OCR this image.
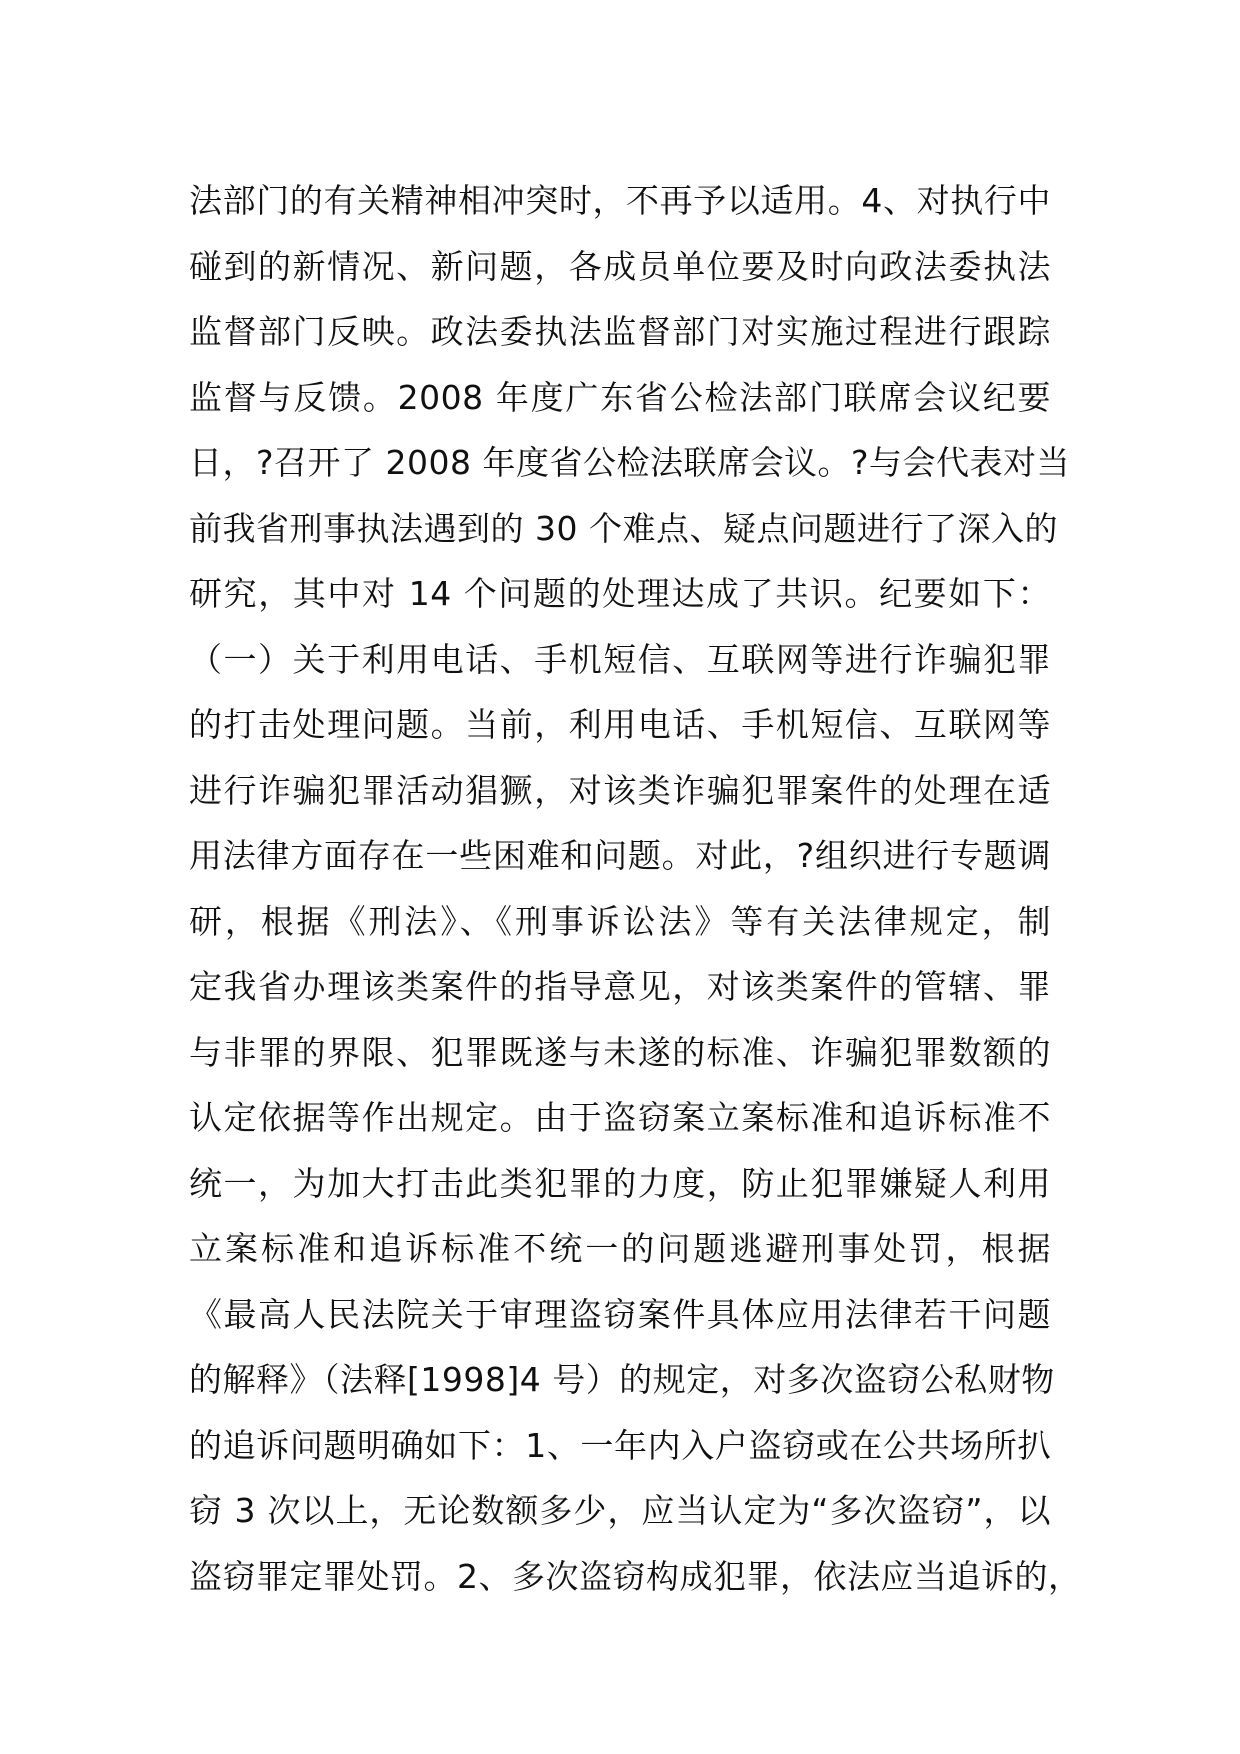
法部门的有关精神相冲突时，不再予以适用。4、对执行中
碰到的新情况、新问题，各成员单位要及时向政法委执法
监督部门反映。政法委执法监督部门对实施过程进行跟踪
监督与反馈。2008 年度广东省公检法部门联席会议纪要
日，?召开了 2008 年度省公检法联席会议。?与会代表对当
前我省刑事执法遇到的 30 个难点、疑点问题进行了深入的
研究，其中对 14 个问题的处理达成了共识。纪要如下：
（一）关于利用电话、手机短信、互联网等进行诈骗犯罪
的打击处理问题。当前，利用电话、手机短信、互联网等
进行诈骗犯罪活动猖獗，对该类诈骗犯罪案件的处理在适
用法律方面存在一些困难和问题。对此，?组织进行专题调
研，根据《刑法》、《刑事诉讼法》等有关法律规定，制
定我省办理该类案件的指导意见，对该类案件的管辖、罪
与非罪的界限、犯罪既遂与未遂的标准、诈骗犯罪数额的
认定依据等作出规定。由于盗窃案立案标准和追诉标准不
统一，为加大打击此类犯罪的力度，防止犯罪嫌疑人利用
立案标准和追诉标准不统一的问题逃避刑事处罚，根据
《最高人民法院关于审理盗窃案件具体应用法律若干问题
的解释》（法释[1998]4 号）的规定，对多次盗窃公私财物
的追诉问题明确如下：1、一年内入户盗窃或在公共场所扒
窃 3 次以上，无论数额多少，应当认定为“多次盗窃”，以
盗窃罪定罪处罚。2、多次盗窃构成犯罪，依法应当追诉的，
